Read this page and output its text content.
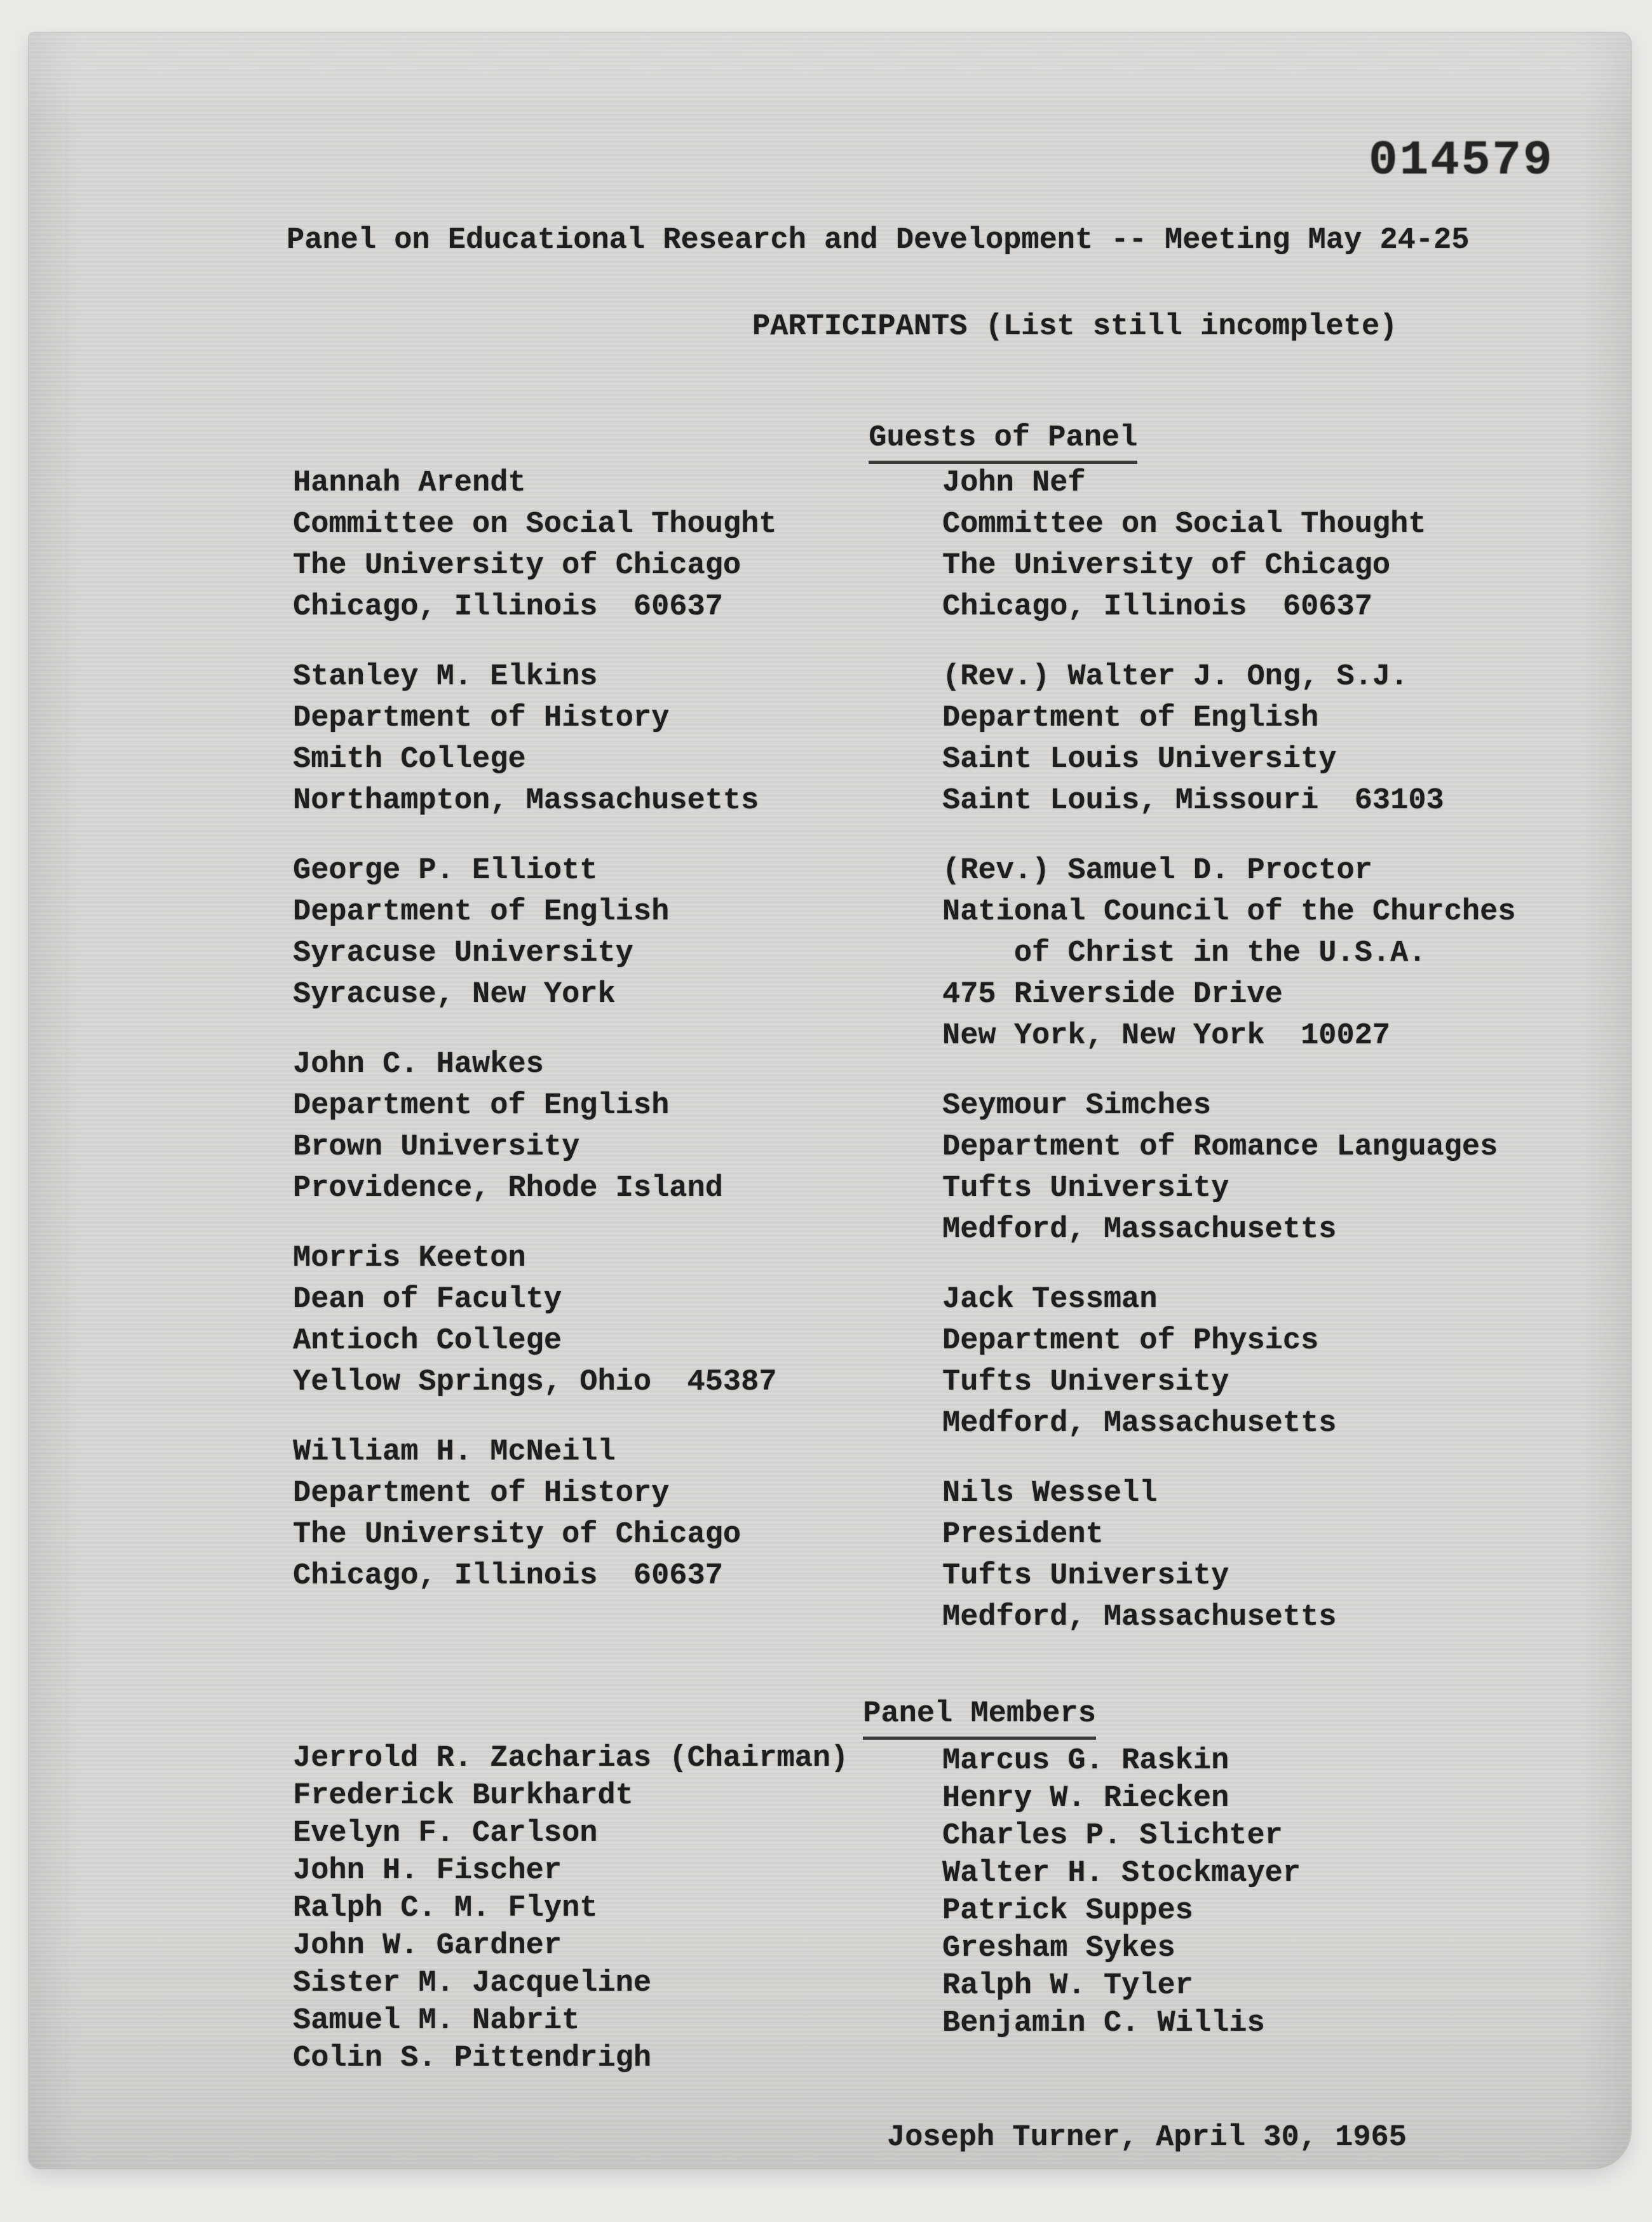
014579
Panel on Educational Research and Development -- Meeting May 24-25
PARTICIPANTS (List still incomplete)

Guests of Panel

Hannah Arendt
Committee on Social Thought
The University of Chicago
Chicago, Illinois  60637
Stanley M. Elkins
Department of History
Smith College
Northampton, Massachusetts
George P. Elliott
Department of English
Syracuse University
Syracuse, New York
John C. Hawkes
Department of English
Brown University
Providence, Rhode Island
Morris Keeton
Dean of Faculty
Antioch College
Yellow Springs, Ohio  45387
William H. McNeill
Department of History
The University of Chicago
Chicago, Illinois  60637
John Nef
Committee on Social Thought
The University of Chicago
Chicago, Illinois  60637
(Rev.) Walter J. Ong, S.J.
Department of English
Saint Louis University
Saint Louis, Missouri  63103
(Rev.) Samuel D. Proctor
National Council of the Churches
of Christ in the U.S.A.
475 Riverside Drive
New York, New York  10027
Seymour Simches
Department of Romance Languages
Tufts University
Medford, Massachusetts
Jack Tessman
Department of Physics
Tufts University
Medford, Massachusetts
Nils Wessell
President
Tufts University
Medford, Massachusetts

Panel Members

Jerrold R. Zacharias (Chairman)
Frederick Burkhardt
Evelyn F. Carlson
John H. Fischer
Ralph C. M. Flynt
John W. Gardner
Sister M. Jacqueline
Samuel M. Nabrit
Colin S. Pittendrigh
Marcus G. Raskin
Henry W. Riecken
Charles P. Slichter
Walter H. Stockmayer
Patrick Suppes
Gresham Sykes
Ralph W. Tyler
Benjamin C. Willis
Joseph Turner, April 30, 1965
